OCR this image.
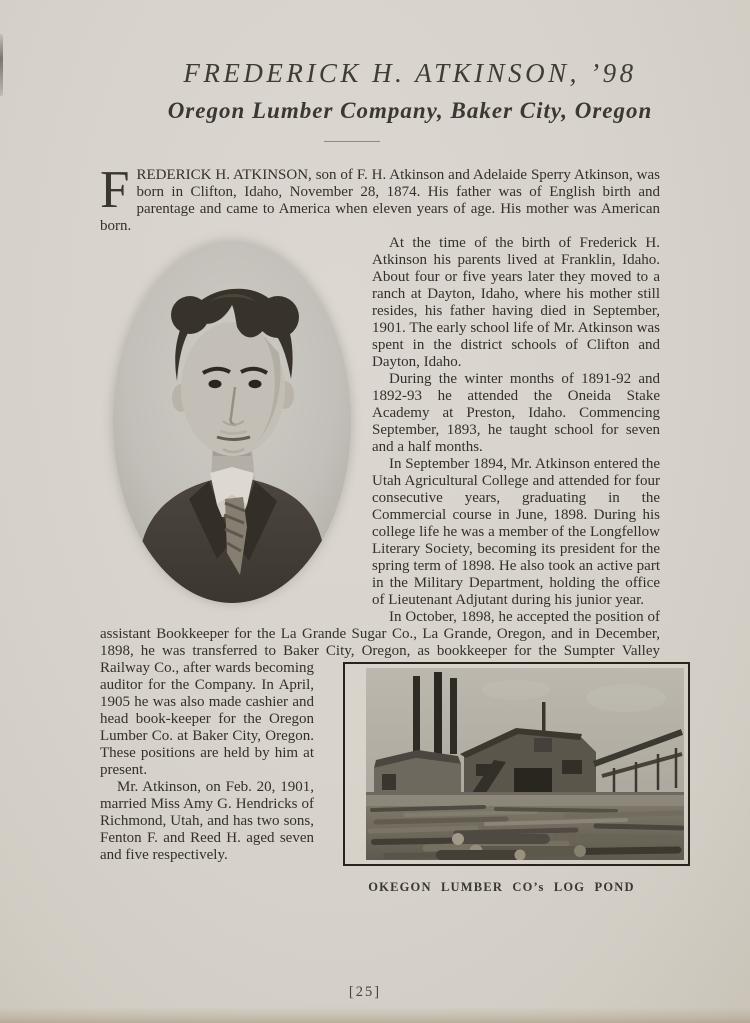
FREDERICK H. ATKINSON, ’98
Oregon Lumber Company, Baker City, Oregon
FREDERICK H. ATKINSON, son of F. H. Atkinson and Adelaide Sperry Atkinson, was born in Clifton, Idaho, November 28, 1874. His father was of English birth and parentage and came to America when eleven years of age. His mother was American born.
At the time of the birth of Frederick H. Atkinson his parents lived at Franklin, Idaho. About four or five years later they moved to a ranch at Dayton, Idaho, where his mother still resides, his father having died in September, 1901. The early school life of Mr. Atkinson was spent in the district schools of Clifton and Dayton, Idaho.
During the winter months of 1891-92 and 1892-93 he attended the Oneida Stake Academy at Preston, Idaho. Commencing September, 1893, he taught school for seven and a half months.
In September 1894, Mr. Atkinson entered the Utah Agricultural College and attended for four consecutive years, graduating in the Commercial course in June, 1898. During his college life he was a member of the Longfellow Literary Society, becoming its president for the spring term of 1898. He also took an active part in the Military Department, holding the office of Lieutenant Adjutant during his junior year.
In October, 1898, he accepted the position of assistant Bookkeeper for the La Grande Sugar Co., La Grande, Oregon, and in December, 1898, he was transferred to Baker City, Oregon, as bookkeeper for the Sumpter
OKEGON LUMBER CO’s LOG POND
Valley Railway Co., after wards becoming auditor for the Company. In April, 1905 he was also made cashier and head book-keeper for the Oregon Lumber Co. at Baker City, Oregon. These positions are held by him at present.
Mr. Atkinson, on Feb. 20, 1901, married Miss Amy G. Hendricks of Richmond, Utah, and has two sons, Fenton F. and Reed H. aged seven and five respectively.
[25]
